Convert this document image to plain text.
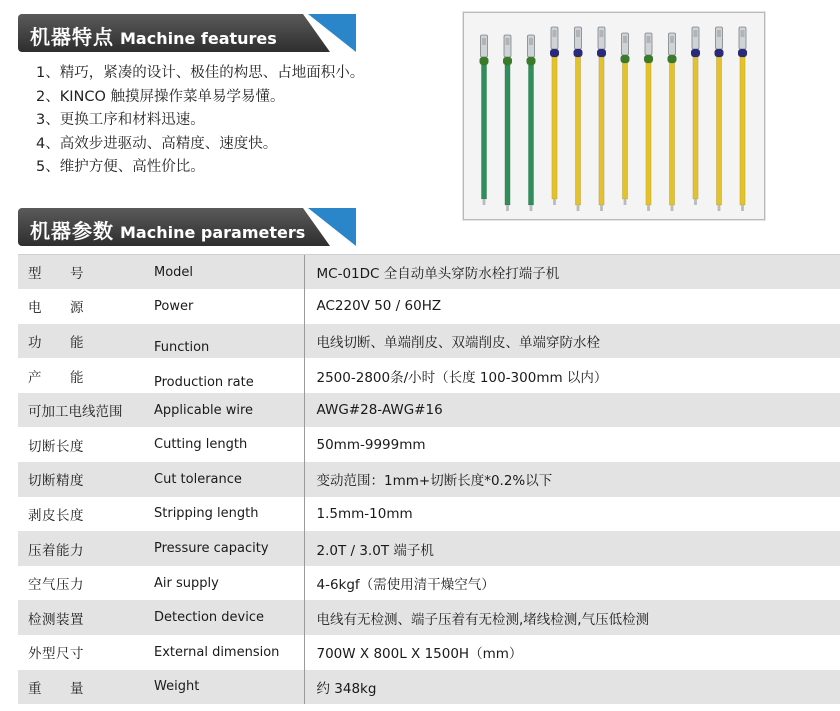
机器特点 Machine features
1、精巧，紧凑的设计、极佳的构思、占地面积小。
2、KINCO 触摸屏操作菜单易学易懂。
3、更换工序和材料迅速。
4、高效步进驱动、高精度、速度快。
5、维护方便、高性价比。
机器参数 Machine parameters
型　　号	Model	MC-01DC 全自动单头穿防水栓打端子机
电　　源	Power	AC220V 50 / 60HZ
功　　能	Function	电线切断、单端削皮、双端削皮、单端穿防水栓
产　　能	Production rate	2500-2800条/小时（长度 100-300mm 以内）
可加工电线范围	Applicable wire	AWG#28-AWG#16
切断长度	Cutting length	50mm-9999mm
切断精度	Cut tolerance	变动范围：1mm+切断长度*0.2%以下
剥皮长度	Stripping length	1.5mm-10mm
压着能力	Pressure capacity	2.0T / 3.0T 端子机
空气压力	Air supply	4-6kgf（需使用清干燥空气）
检测装置	Detection device	电线有无检测、端子压着有无检测,堵线检测,气压低检测
外型尺寸	External dimension	700W X 800L X 1500H（mm）
重　　量	Weight	约 348kg
